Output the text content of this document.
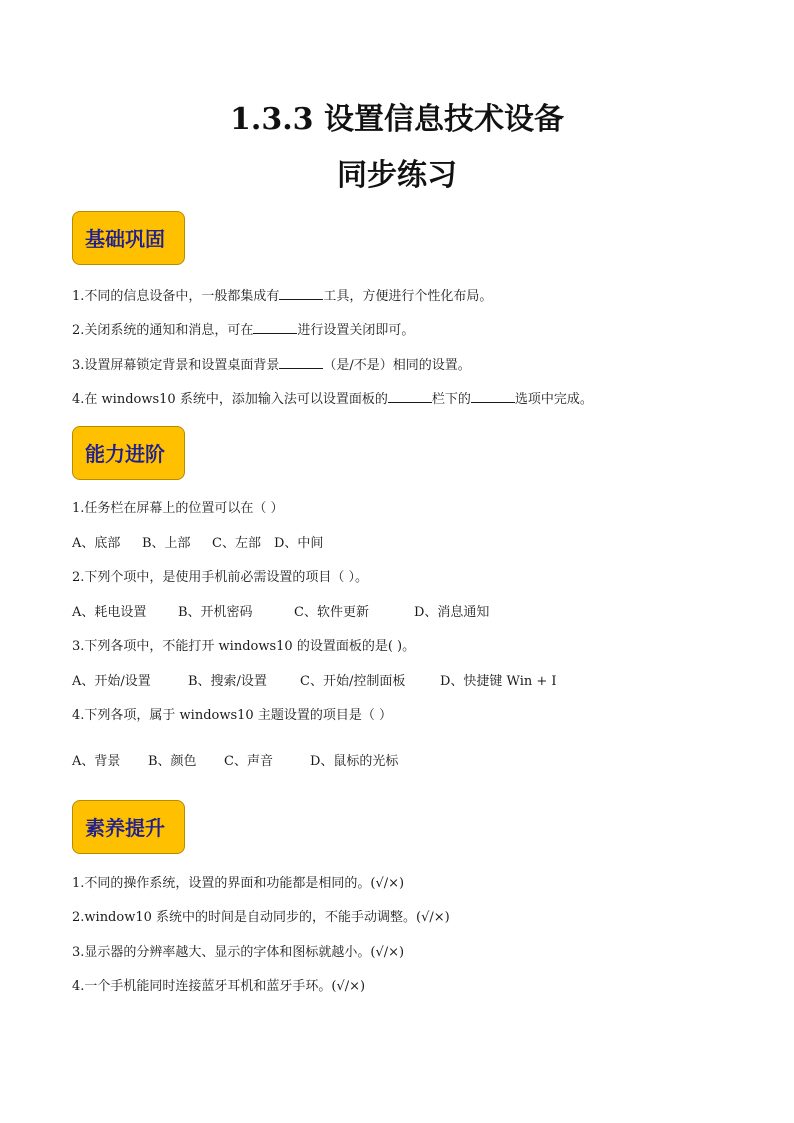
1.3.3 设置信息技术设备
同步练习
基础巩固

1.不同的信息设备中，一般都集成有	工具，方便进行个性化布局。

2.关闭系统的通知和消息，可在	进行设置关闭即可。

3.设置屏幕锁定背景和设置桌面背景	（是/不是）相同的设置。

4.在 windows10 系统中，添加输入法可以设置面板的	栏下的	选项中完成。

能力进阶

1.任务栏在屏幕上的位置可以在（ ）

A、底部 B、上部 C、左部 D、中间

2.下列个项中，是使用手机前必需设置的项目（ ）。

A、耗电设置 B、开机密码	C、软件更新	D、消息通知

3.下列各项中，不能打开 windows10 的设置面板的是( )。

A、开始/设置	B、搜索/设置	C、开始/控制面板	D、快捷键 Win + I

4.下列各项，属于 windows10 主题设置的项目是（ ）

A、背景 B、颜色 C、声音	D、鼠标的光标

素养提升

1.不同的操作系统，设置的界面和功能都是相同的。(√/×)

2.window10 系统中的时间是自动同步的，不能手动调整。(√/×)

3.显示器的分辨率越大、显示的字体和图标就越小。(√/×)

4.一个手机能同时连接蓝牙耳机和蓝牙手环。(√/×)
